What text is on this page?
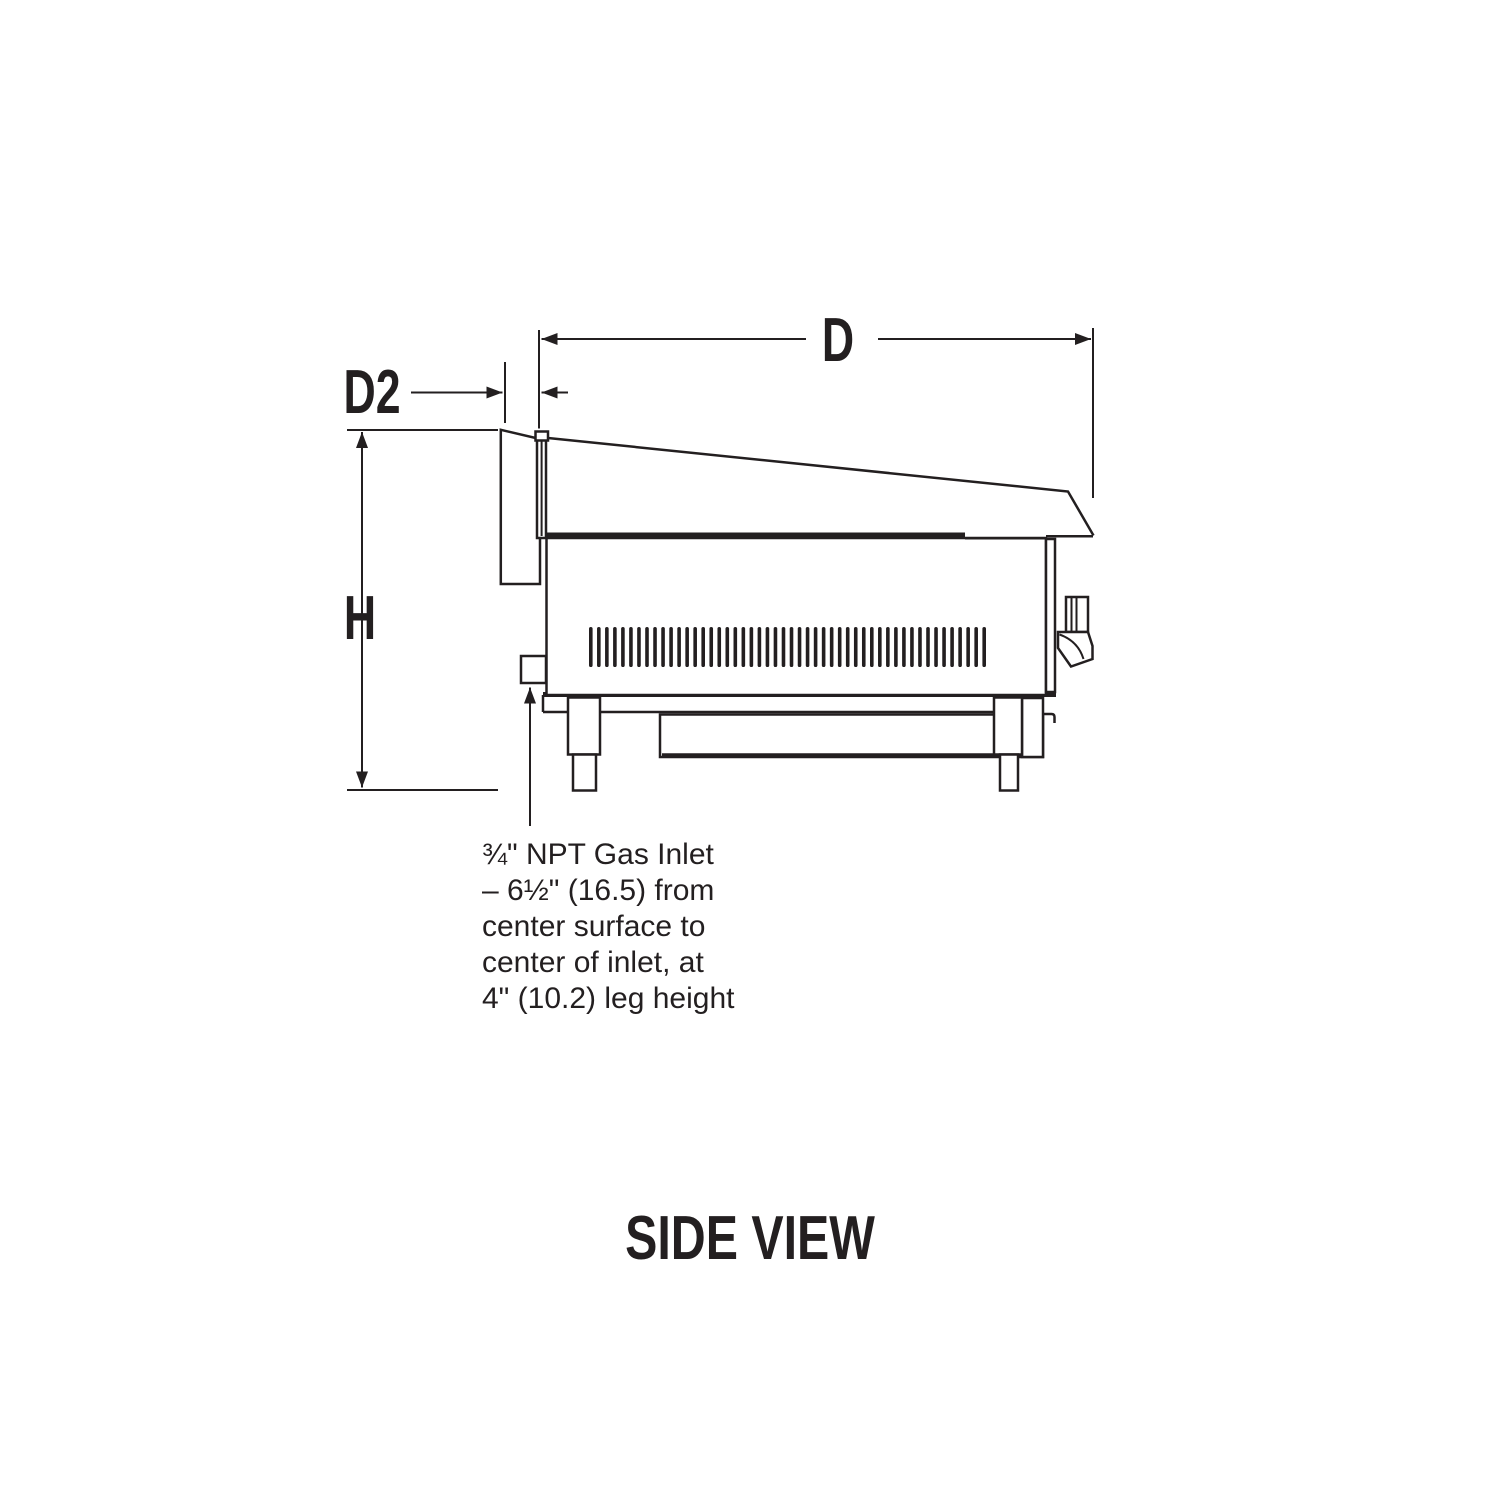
D
D2
H
¾" NPT Gas Inlet
– 6½" (16.5) from
center surface to
center of inlet, at
4" (10.2) leg height
SIDE VIEW
